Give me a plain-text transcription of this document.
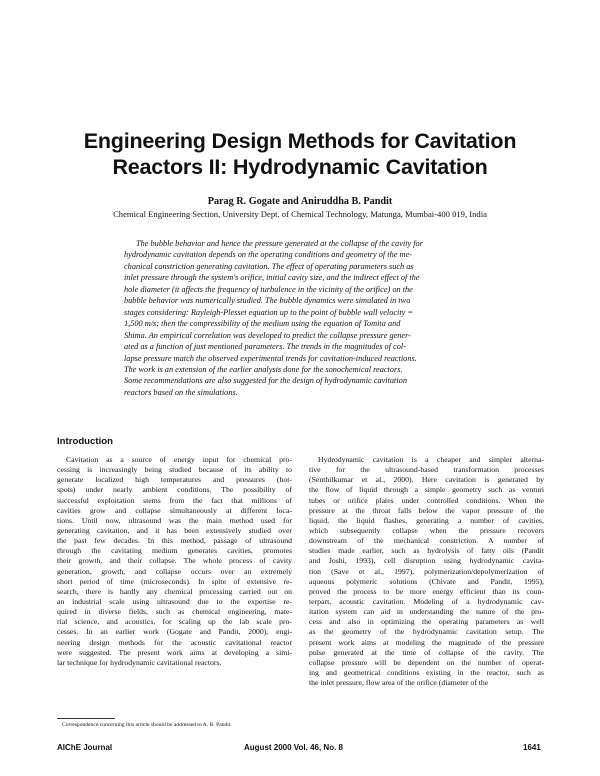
Engineering Design Methods for Cavitation
Reactors II: Hydrodynamic Cavitation
Parag R. Gogate and Aniruddha B. Pandit
Chemical Engineering Section, University Dept. of Chemical Technology, Matunga, Mumbai-400 019, India
The bubble behavior and hence the pressure generated at the collapse of the cavity for
hydrodynamic cavitation depends on the operating conditions and geometry of the me-
chanical constriction generating cavitation. The effect of operating parameters such as
inlet pressure through the system's orifice, initial cavity size, and the indirect effect of the
hole diameter (it affects the frequency of turbulence in the vicinity of the orifice) on the
bubble behavior was numerically studied. The bubble dynamics were simulated in two
stages considering: Rayleigh-Plesset equation up to the point of bubble wall velocity =
1,500 m/s; then the compressibility of the medium using the equation of Tomita and
Shima. An empirical correlation was developed to predict the collapse pressure gener-
ated as a function of just mentioned parameters. The trends in the magnitudes of col-
lapse pressure match the observed experimental trends for cavitation-induced reactions.
The work is an extension of the earlier analysis done for the sonochemical reactors.
Some recommendations are also suggested for the design of hydrodynamic cavitation
reactors based on the simulations.
Introduction
Cavitation as a source of energy input for chemical pro-
cessing is increasingly being studied because of its ability to
generate localized high temperatures and pressures (hot-
spots) under nearly ambient conditions. The possibility of
successful exploitation stems from the fact that millions of
cavities grow and collapse simultaneously at different loca-
tions. Until now, ultrasound was the main method used for
generating cavitation, and it has been extensively studied over
the past few decades. In this method, passage of ultrasound
through the cavitating medium generates cavities, promotes
their growth, and their collapse. The whole process of cavity
generation, growth, and collapse occurs over an extremely
short period of time (microseconds). In spite of extensive re-
search, there is hardly any chemical processing carried out on
an industrial scale using ultrasound due to the expertise re-
quired in diverse fields, such as chemical engineering, mate-
rial science, and acoustics, for scaling up the lab scale pro-
cesses. In an earlier work (Gogate and Pandit, 2000), engi-
neering design methods for the acoustic cavitational reactor
were suggested. The present work aims at developing a simi-
lar technique for hydrodynamic cavitational reactors.
Hydrodynamic cavitation is a cheaper and simpler alterna-
tive for the ultrasound-based transformation processes
(Senthilkumar et al., 2000). Here cavitation is generated by
the flow of liquid through a simple geometry such as venturi
tubes or orifice plates under controlled conditions. When the
pressure at the throat falls below the vapor pressure of the
liquid, the liquid flashes, generating a number of cavities,
which subsequently collapse when the pressure recovers
downstream of the mechanical constriction. A number of
studies made earlier, such as hydrolysis of fatty oils (Pandit
and Joshi, 1993), cell disruption using hydrodynamic cavita-
tion (Save et al., 1997), polymerization/depolymerization of
aqueous polymeric solutions (Chivate and Pandit, 1995),
proved the process to be more energy efficient than its coun-
terpart, acoustic cavitation. Modeling of a hydrodynamic cav-
itation system can aid in understanding the nature of the pro-
cess and also in optimizing the operating parameters as well
as the geometry of the hydrodynamic cavitation setup. The
present work aims at modeling the magnitude of the pressure
pulse generated at the time of collapse of the cavity. The
collapse pressure will be dependent on the number of operat-
ing and geometrical conditions existing in the reactor, such as
the inlet pressure, flow area of the orifice (diameter of the
Correspondence concerning this article should be addressed to A. B. Pandit.
AIChE Journal	August 2000 Vol. 46, No. 8	1641
